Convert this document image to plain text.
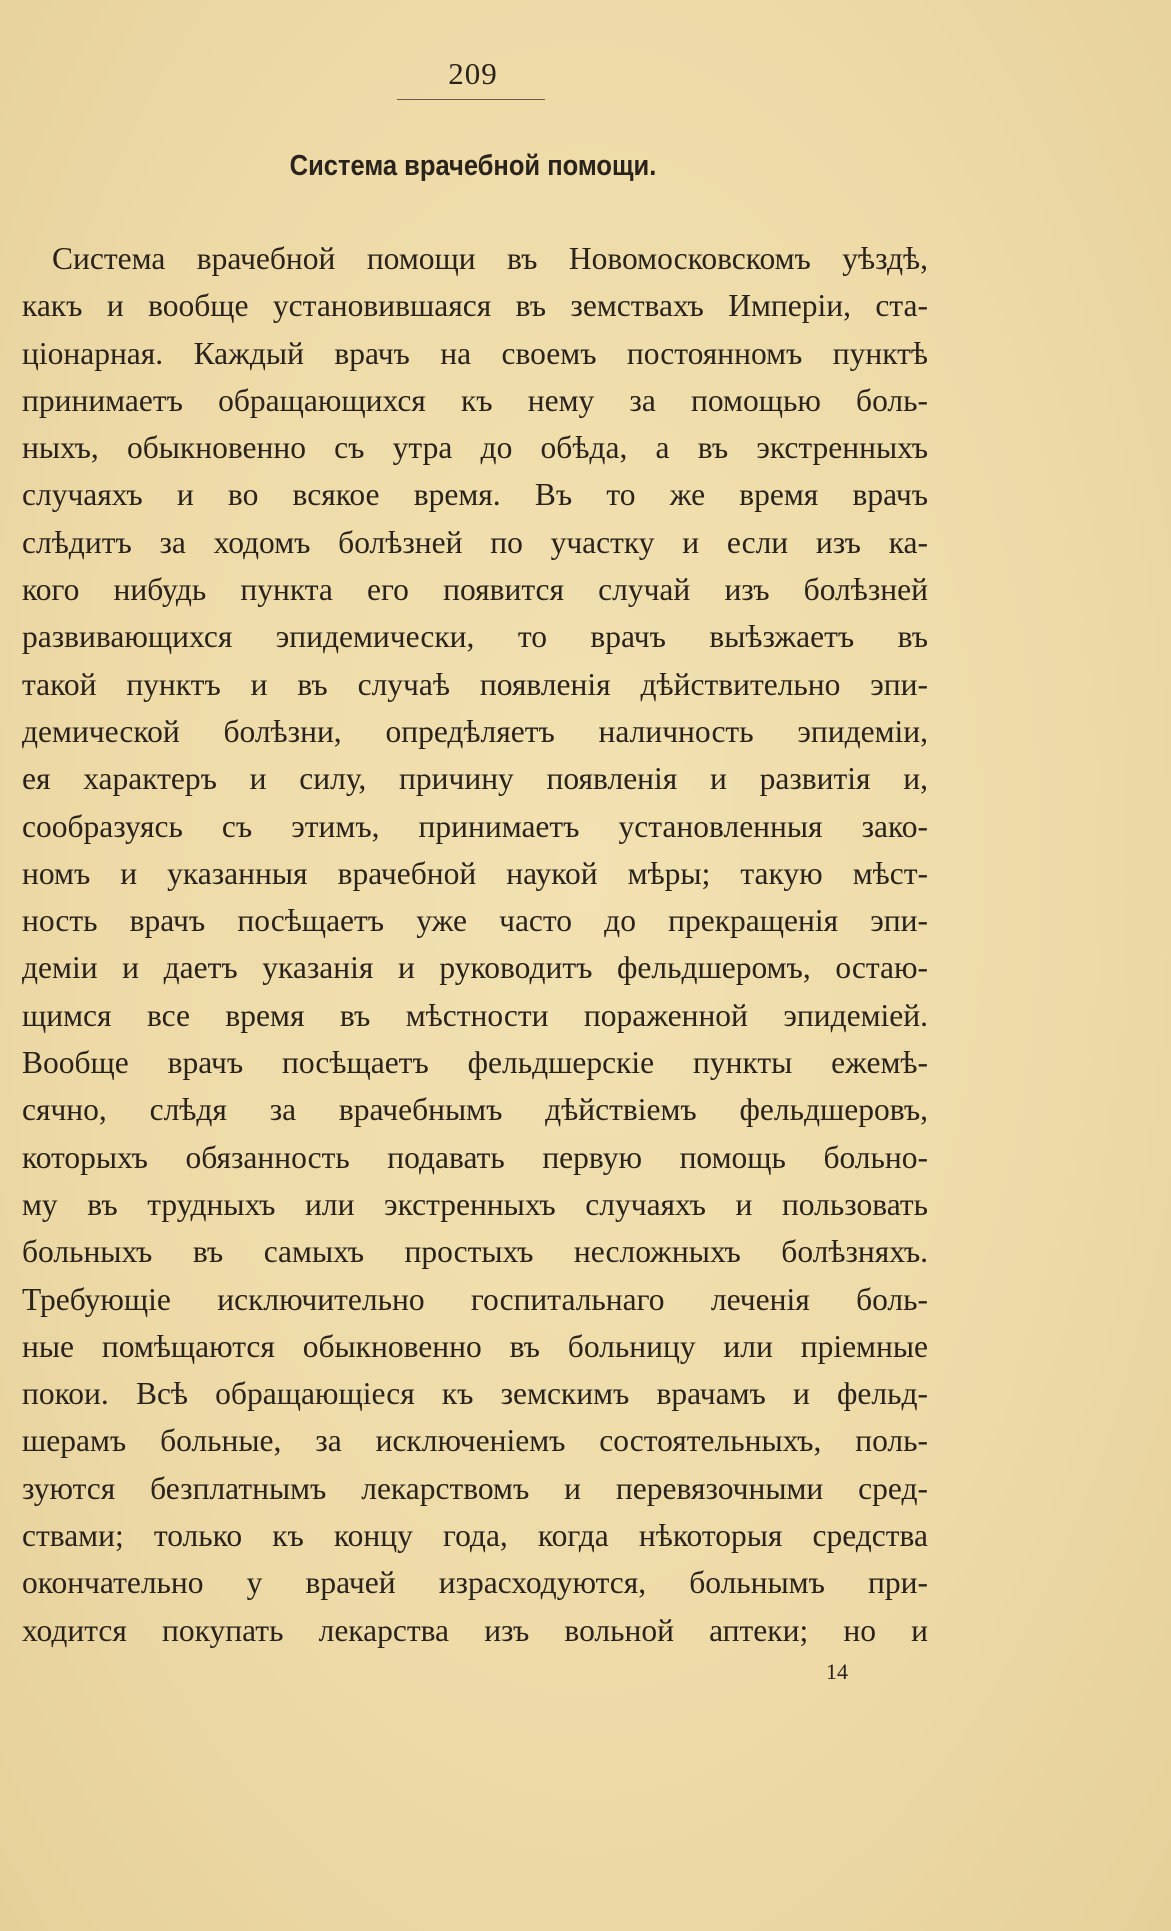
209
Система врачебной помощи.
Система врачебной помощи въ Новомосковскомъ уѣздѣ,
какъ и вообще установившаяся въ земствахъ Имперіи, ста-
ціонарная. Каждый врачъ на своемъ постоянномъ пунктѣ
принимаетъ обращающихся къ нему за помощью боль-
ныхъ, обыкновенно съ утра до обѣда, а въ экстренныхъ
случаяхъ и во всякое время. Въ то же время врачъ
слѣдитъ за ходомъ болѣзней по участку и если изъ ка-
кого нибудь пункта его появится случай изъ болѣзней
развивающихся эпидемически, то врачъ выѣзжаетъ въ
такой пунктъ и въ случаѣ появленія дѣйствительно эпи-
демической болѣзни, опредѣляетъ наличность эпидеміи,
ея характеръ и силу, причину появленія и развитія и,
сообразуясь съ этимъ, принимаетъ установленныя зако-
номъ и указанныя врачебной наукой мѣры; такую мѣст-
ность врачъ посѣщаетъ уже часто до прекращенія эпи-
деміи и даетъ указанія и руководитъ фельдшеромъ, остаю-
щимся все время въ мѣстности пораженной эпидеміей.
Вообще врачъ посѣщаетъ фельдшерскіе пункты ежемѣ-
сячно, слѣдя за врачебнымъ дѣйствіемъ фельдшеровъ,
которыхъ обязанность подавать первую помощь больно-
му въ трудныхъ или экстренныхъ случаяхъ и пользовать
больныхъ въ самыхъ простыхъ несложныхъ болѣзняхъ.
Требующіе исключительно госпитальнаго леченія боль-
ные помѣщаются обыкновенно въ больницу или пріемные
покои. Всѣ обращающіеся къ земскимъ врачамъ и фельд-
шерамъ больные, за исключеніемъ состоятельныхъ, поль-
зуются безплатнымъ лекарствомъ и перевязочными сред-
ствами; только къ концу года, когда нѣкоторыя средства
окончательно у врачей израсходуются, больнымъ при-
ходится покупать лекарства изъ вольной аптеки; но и
14
